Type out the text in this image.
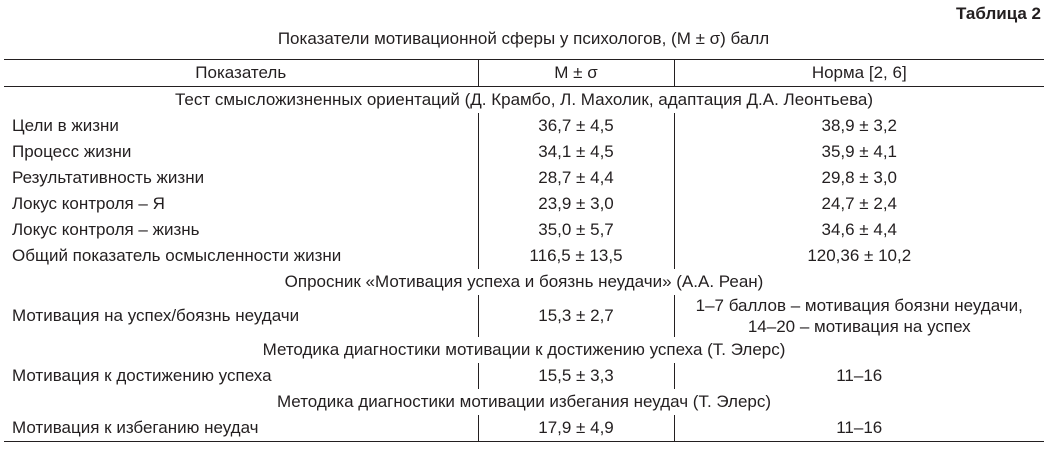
Таблица 2
Показатели мотивационной сферы у психологов, (М ± σ) балл
Показатель	М ± σ	Норма [2, 6]
Тест смысложизненных ориентаций (Д. Крамбо, Л. Махолик, адаптация Д.А. Леонтьева)		
Цели в жизни	36,7 ± 4,5	38,9 ± 3,2
Процесс жизни	34,1 ± 4,5	35,9 ± 4,1
Результативность жизни	28,7 ± 4,4	29,8 ± 3,0
Локус контроля – Я	23,9 ± 3,0	24,7 ± 2,4
Локус контроля – жизнь	35,0 ± 5,7	34,6 ± 4,4
Общий показатель осмысленности жизни	116,5 ± 13,5	120,36 ± 10,2
Опросник «Мотивация успеха и боязнь неудачи» (А.А. Реан)		
Мотивация на успех/боязнь неудачи	15,3 ± 2,7	1–7 баллов – мотивация боязни неудачи,
14–20 – мотивация на успех

Методика диагностики мотивации к достижению успеха (Т. Элерс)		
Мотивация к достижению успеха	15,5 ± 3,3	11–16
Методика диагностики мотивации избегания неудач (Т. Элерс)		
Мотивация к избеганию неудач	17,9 ± 4,9	11–16
